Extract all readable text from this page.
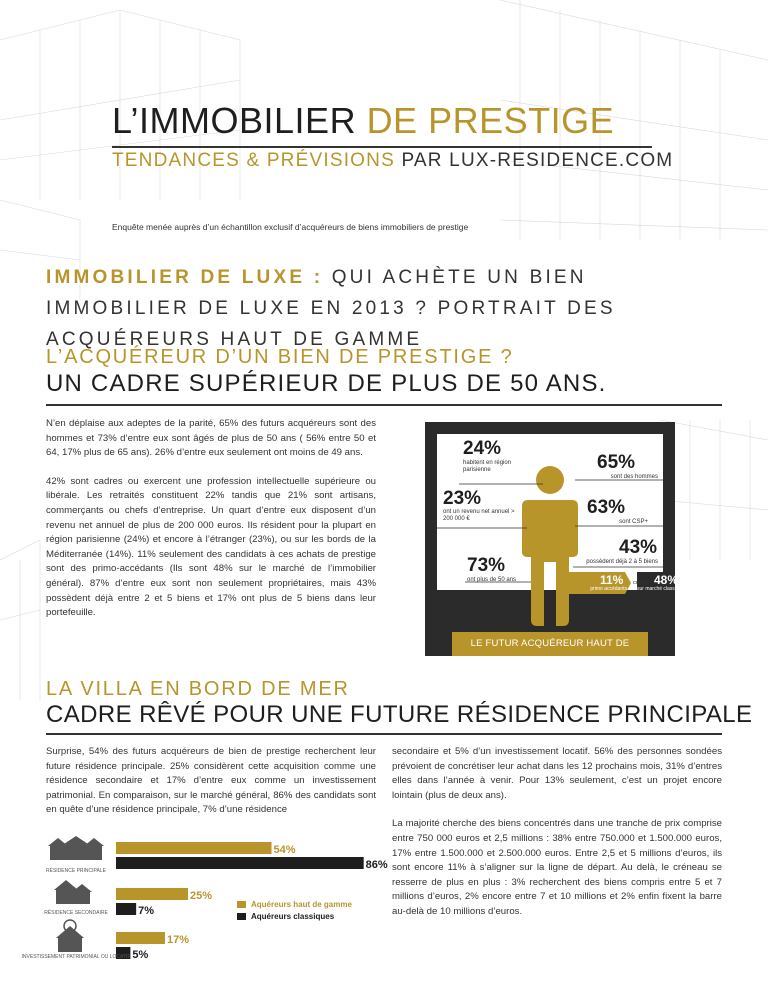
L’IMMOBILIER DE PRESTIGE
TENDANCES & PRÉVISIONS PAR LUX-RESIDENCE.COM
Enquête menée auprès d’un échantillon exclusif d’acquéreurs de biens immobiliers de prestige
IMMOBILIER DE LUXE : QUI ACHÈTE UN BIEN IMMOBILIER DE LUXE EN 2013 ? PORTRAIT DES ACQUÉREURS HAUT DE GAMME
L’ACQUÉREUR D’UN BIEN DE PRESTIGE ?
UN CADRE SUPÉRIEUR DE PLUS DE 50 ANS.

N’en déplaise aux adeptes de la parité, 65% des futurs acquéreurs sont des hommes et 73% d’entre eux sont âgés de plus de 50 ans ( 56% entre 50 et 64, 17% plus de 65 ans). 26% d’entre eux seulement ont moins de 49 ans.

42% sont cadres ou exercent une profession intellectuelle supérieure ou libérale. Les retraités constituent 22% tandis que 21% sont artisans, commerçants ou chefs d’entreprise. Un quart d’entre eux disposent d’un revenu net annuel de plus de 200 000 euros. Ils résident pour la plupart en région parisienne (24%) et encore à l’étranger (23%), ou sur les bords de la Méditerranée (14%). 11% seulement des candidats à ces achats de prestige sont des primo-accédants (Ils sont 48% sur le marché de l’immobilier général). 87% d’entre eux sont non seulement propriétaires, mais 43% possèdent déjà entre 2 et 5 biens et 17% ont plus de 5 biens dans leur portefeuille.

24%
habitent en région parisienne	65%
sont des hommes
23%
ont un revenu net annuel > 200 000 €
63%
sont CSP+
43%
possèdent déjà 2 à 5 biens
73%
ont plus de 50 ans	11%
primo accédants
contre 48%
sur marché classique
LE FUTUR ACQUÉREUR HAUT DE GAMME
LA VILLA EN BORD DE MER
CADRE RÊVÉ POUR UNE FUTURE RÉSIDENCE PRINCIPALE

Surprise, 54% des futurs acquéreurs de bien de prestige recherchent leur future résidence principale. 25% considèrent cette acquisition comme une résidence secondaire et 17% d’entre eux comme un investissement patrimonial. En comparaison, sur le marché général, 86% des candidats sont en quête d’une résidence principale, 7% d’une résidence

secondaire et 5% d’un investissement locatif. 56% des personnes sondées prévoient de concrétiser leur achat dans les 12 prochains mois, 31% d’entres elles dans l’année à venir. Pour 13% seulement, c’est un projet encore lointain (plus de deux ans).

La majorité cherche des biens concentrés dans une tranche de prix comprise entre 750 000 euros et 2,5 millions : 38% entre 750.000 et 1.500.000 euros, 17% entre 1.500.000 et 2.500.000 euros. Entre 2,5 et 5 millions d’euros, ils sont encore 11% à s’aligner sur la ligne de départ. Au delà, le créneau se resserre de plus en plus : 3% recherchent des biens compris entre 5 et 7 millions d’euros, 2% encore entre 7 et 10 millions et 2% enfin fixent la barre au-delà de 10 millions d’euros.

54%
86%
25%
7%
17%
5%
RÉSIDENCE PRINCIPALE
RÉSIDENCE SECONDAIRE
INVESTISSEMENT PATRIMONIAL OU LOCATIF
Aquéreurs haut de gamme
Aquéreurs classiques
